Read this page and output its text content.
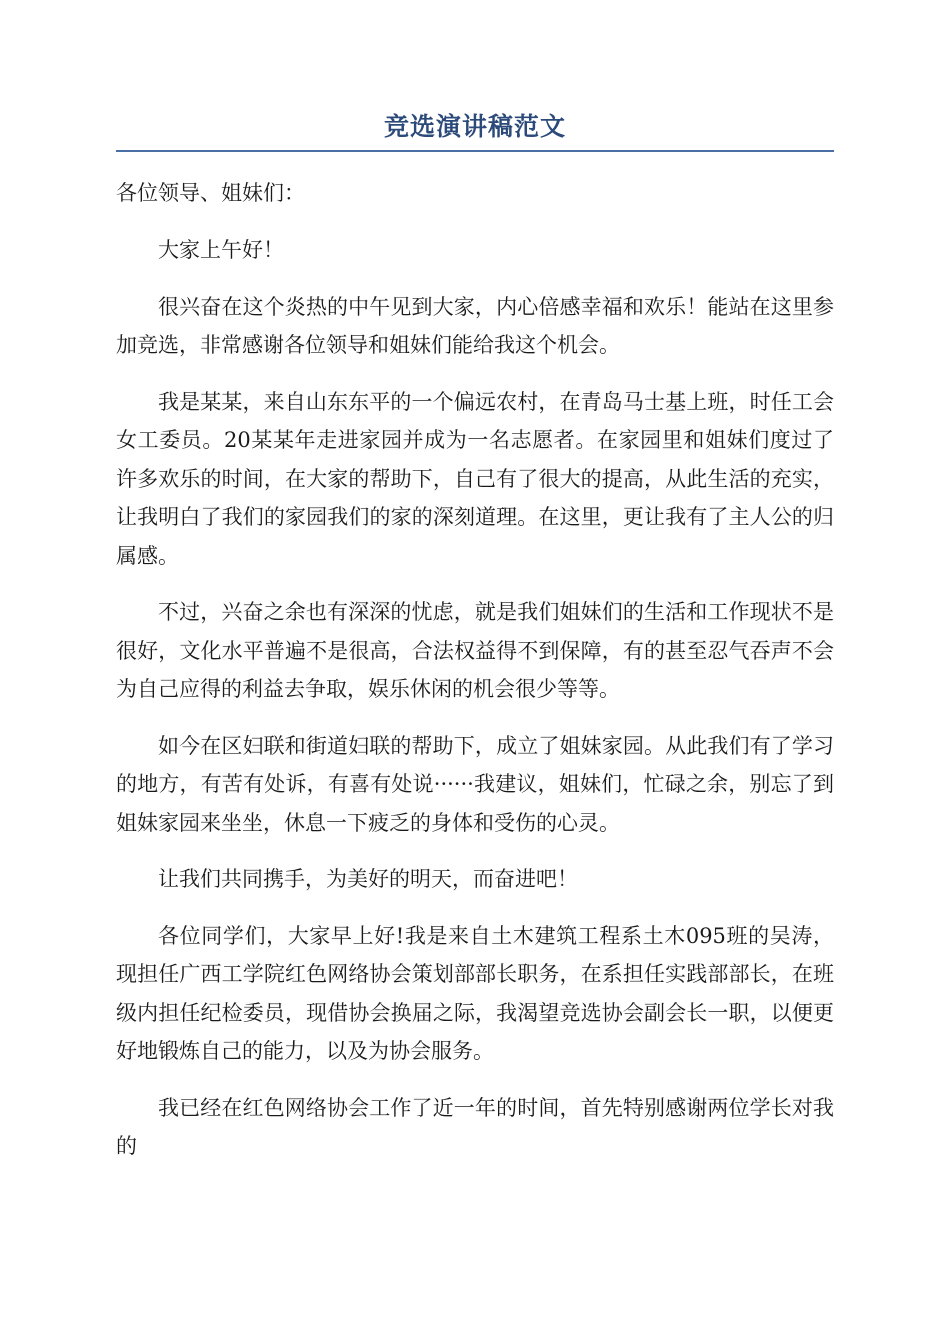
竞选演讲稿范文

各位领导、姐妹们：

大家上午好！

很兴奋在这个炎热的中午见到大家，内心倍感幸福和欢乐！能站在这里参加竞选，非常感谢各位领导和姐妹们能给我这个机会。

我是某某，来自山东东平的一个偏远农村，在青岛马士基上班，时任工会女工委员。20某某年走进家园并成为一名志愿者。在家园里和姐妹们度过了许多欢乐的时间，在大家的帮助下，自己有了很大的提高，从此生活的充实，让我明白了我们的家园我们的家的深刻道理。在这里，更让我有了主人公的归属感。

不过，兴奋之余也有深深的忧虑，就是我们姐妹们的生活和工作现状不是很好，文化水平普遍不是很高，合法权益得不到保障，有的甚至忍气吞声不会为自己应得的利益去争取，娱乐休闲的机会很少等等。

如今在区妇联和街道妇联的帮助下，成立了姐妹家园。从此我们有了学习的地方，有苦有处诉，有喜有处说······我建议，姐妹们，忙碌之余，别忘了到姐妹家园来坐坐，休息一下疲乏的身体和受伤的心灵。

让我们共同携手，为美好的明天，而奋进吧！

各位同学们，大家早上好!我是来自土木建筑工程系土木095班的吴涛，现担任广西工学院红色网络协会策划部部长职务，在系担任实践部部长，在班级内担任纪检委员，现借协会换届之际，我渴望竞选协会副会长一职，以便更好地锻炼自己的能力，以及为协会服务。

我已经在红色网络协会工作了近一年的时间，首先特别感谢两位学长对我的
